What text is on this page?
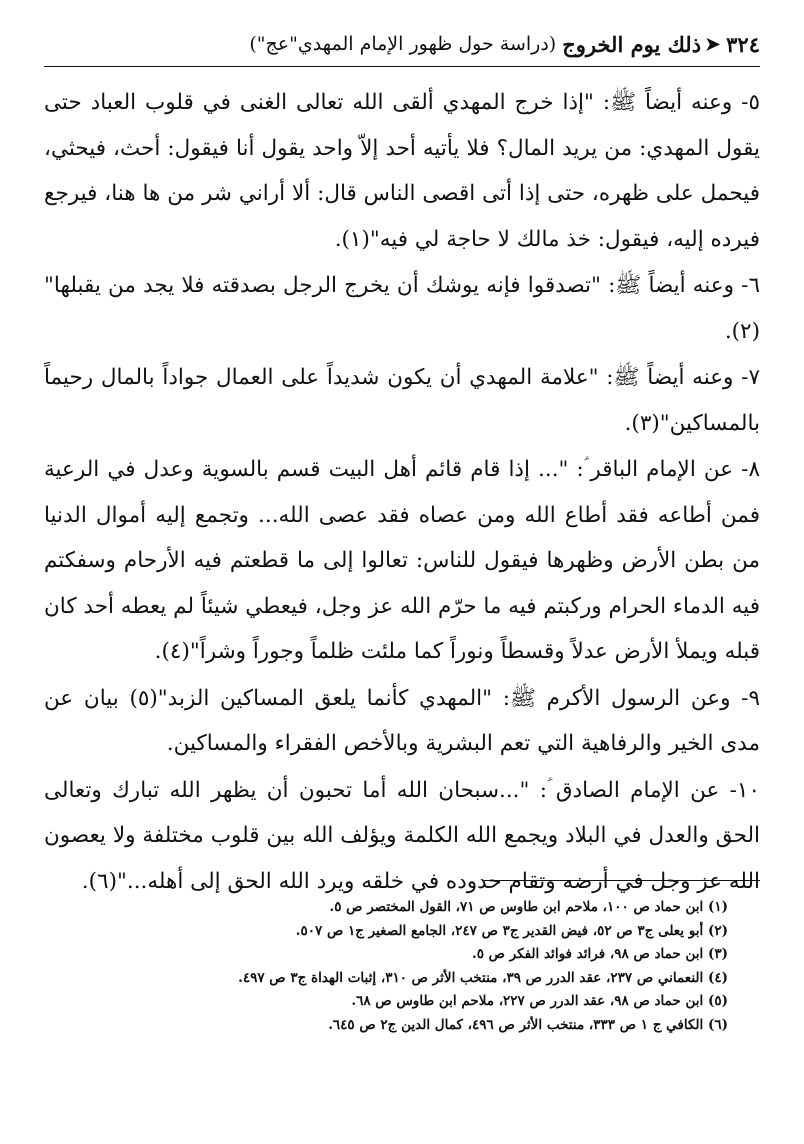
٣٢٤
➤
ذلك يوم الخروج
(دراسة حول ظهور الإمام المهدي"عج")

٥- وعنه أيضاً ﷺ: "إذا خرج المهدي ألقى الله تعالى الغنى في قلوب العباد حتى يقول المهدي: من يريد المال؟ فلا يأتيه أحد إلاّ واحد يقول أنا فيقول: أحث، فيحثي، فيحمل على ظهره، حتى إذا أتى اقصى الناس قال: ألا أراني شر من ها هنا، فيرجع فيرده إليه، فيقول: خذ مالك لا حاجة لي فيه"(١).

٦- وعنه أيضاً ﷺ: "تصدقوا فإنه يوشك أن يخرج الرجل بصدقته فلا يجد من يقبلها"(٢).

٧- وعنه أيضاً ﷺ: "علامة المهدي أن يكون شديداً على العمال جواداً بالمال رحيماً بالمساكين"(٣).

٨- عن الإمام الباقر ؑ: "... إذا قام قائم أهل البيت قسم بالسوية وعدل في الرعية فمن أطاعه فقد أطاع الله ومن عصاه فقد عصى الله... وتجمع إليه أموال الدنيا من بطن الأرض وظهرها فيقول للناس: تعالوا إلى ما قطعتم فيه الأرحام وسفكتم فيه الدماء الحرام وركبتم فيه ما حرّم الله عز وجل، فيعطي شيئاً لم يعطه أحد كان قبله ويملأ الأرض عدلاً وقسطاً ونوراً كما ملئت ظلماً وجوراً وشراً"(٤).

٩- وعن الرسول الأكرم ﷺ: "المهدي كأنما يلعق المساكين الزبد"(٥) بيان عن مدى الخير والرفاهية التي تعم البشرية وبالأخص الفقراء والمساكين.

١٠- عن الإمام الصادق ؑ: "...سبحان الله أما تحبون أن يظهر الله تبارك وتعالى الحق والعدل في البلاد ويجمع الله الكلمة ويؤلف الله بين قلوب مختلفة ولا يعصون الله عز وجل في أرضه وتقام حدوده في خلقه ويرد الله الحق إلى أهله..."(٦).

(١) ابن حماد ص ١٠٠، ملاحم ابن طاوس ص ٧١، القول المختصر ص ٥.
(٢) أبو يعلى ج٣ ص ٥٢، فيض القدير ج٣ ص ٢٤٧، الجامع الصغير ج١ ص ٥٠٧.
(٣) ابن حماد ص ٩٨، فرائد فوائد الفكر ص ٥.
(٤) النعماني ص ٢٣٧، عقد الدرر ص ٣٩، منتخب الأثر ص ٣١٠، إثبات الهداة ج٣ ص ٤٩٧.
(٥) ابن حماد ص ٩٨، عقد الدرر ص ٢٢٧، ملاحم ابن طاوس ص ٦٨.
(٦) الكافي ج ١ ص ٣٣٣، منتخب الأثر ص ٤٩٦، كمال الدين ج٢ ص ٦٤٥.
